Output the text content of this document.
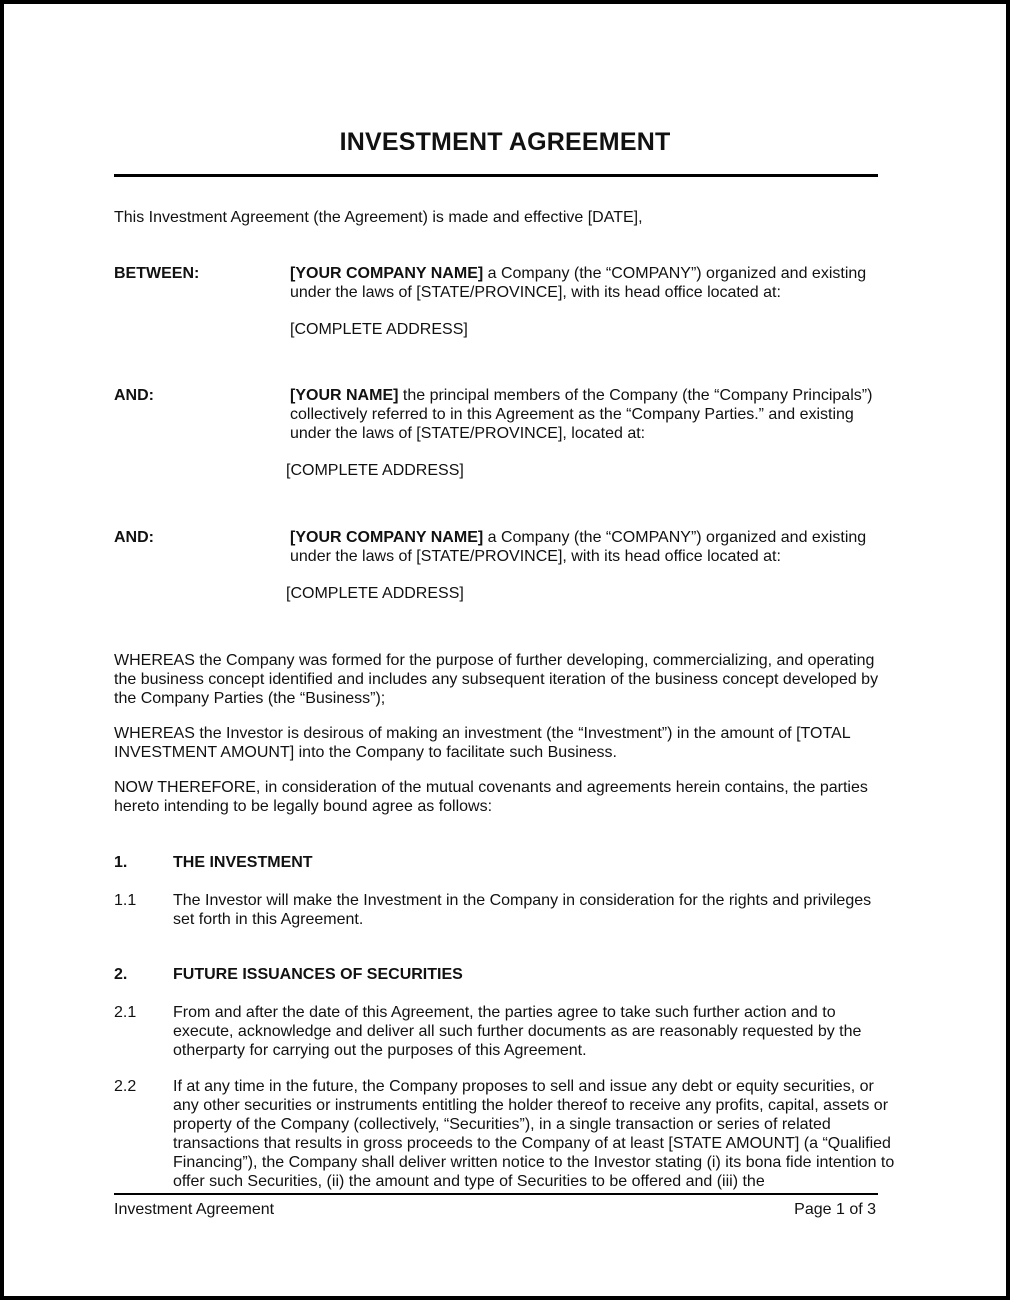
INVESTMENT AGREEMENT

This Investment Agreement (the Agreement) is made and effective [DATE],

BETWEEN:	[YOUR COMPANY NAME] a Company (the “COMPANY”) organized and existing
under the laws of [STATE/PROVINCE], with its head office located at:

[COMPLETE ADDRESS]
AND:	[YOUR NAME] the principal members of the Company (the “Company Principals”)
collectively referred to in this Agreement as the “Company Parties.” and existing under the laws of [STATE/PROVINCE], located at:

[COMPLETE ADDRESS]
AND:	[YOUR COMPANY NAME] a Company (the “COMPANY”) organized and existing
under the laws of [STATE/PROVINCE], with its head office located at:

[COMPLETE ADDRESS]

WHEREAS the Company was formed for the purpose of further developing, commercializing, and operating the business concept identified and includes any subsequent iteration of the business concept developed by the Company Parties (the “Business”);

WHEREAS the Investor is desirous of making an investment (the “Investment”) in the amount of [TOTAL INVESTMENT AMOUNT] into the Company to facilitate such Business.

NOW THEREFORE, in consideration of the mutual covenants and agreements herein contains, the parties hereto intending to be legally bound agree as follows:

1.	THE INVESTMENT
1.1 The Investor will make the Investment in the Company in consideration for the rights and privileges set forth in this Agreement.

2.	FUTURE ISSUANCES OF SECURITIES
2.1 From and after the date of this Agreement, the parties agree to take such further action and to execute, acknowledge and deliver all such further documents as are reasonably requested by the otherparty for carrying out the purposes of this Agreement.

2.2 If at any time in the future, the Company proposes to sell and issue any debt or equity securities, or any other securities or instruments entitling the holder thereof to receive any profits, capital, assets or property of the Company (collectively, “Securities”), in a single transaction or series of related transactions that results in gross proceeds to the Company of at least [STATE AMOUNT] (a “Qualified Financing”), the Company shall deliver written notice to the Investor stating (i) its bona fide intention to offer such Securities, (ii) the amount and type of Securities to be offered and (iii) the

Investment Agreement	Page 1 of 3
